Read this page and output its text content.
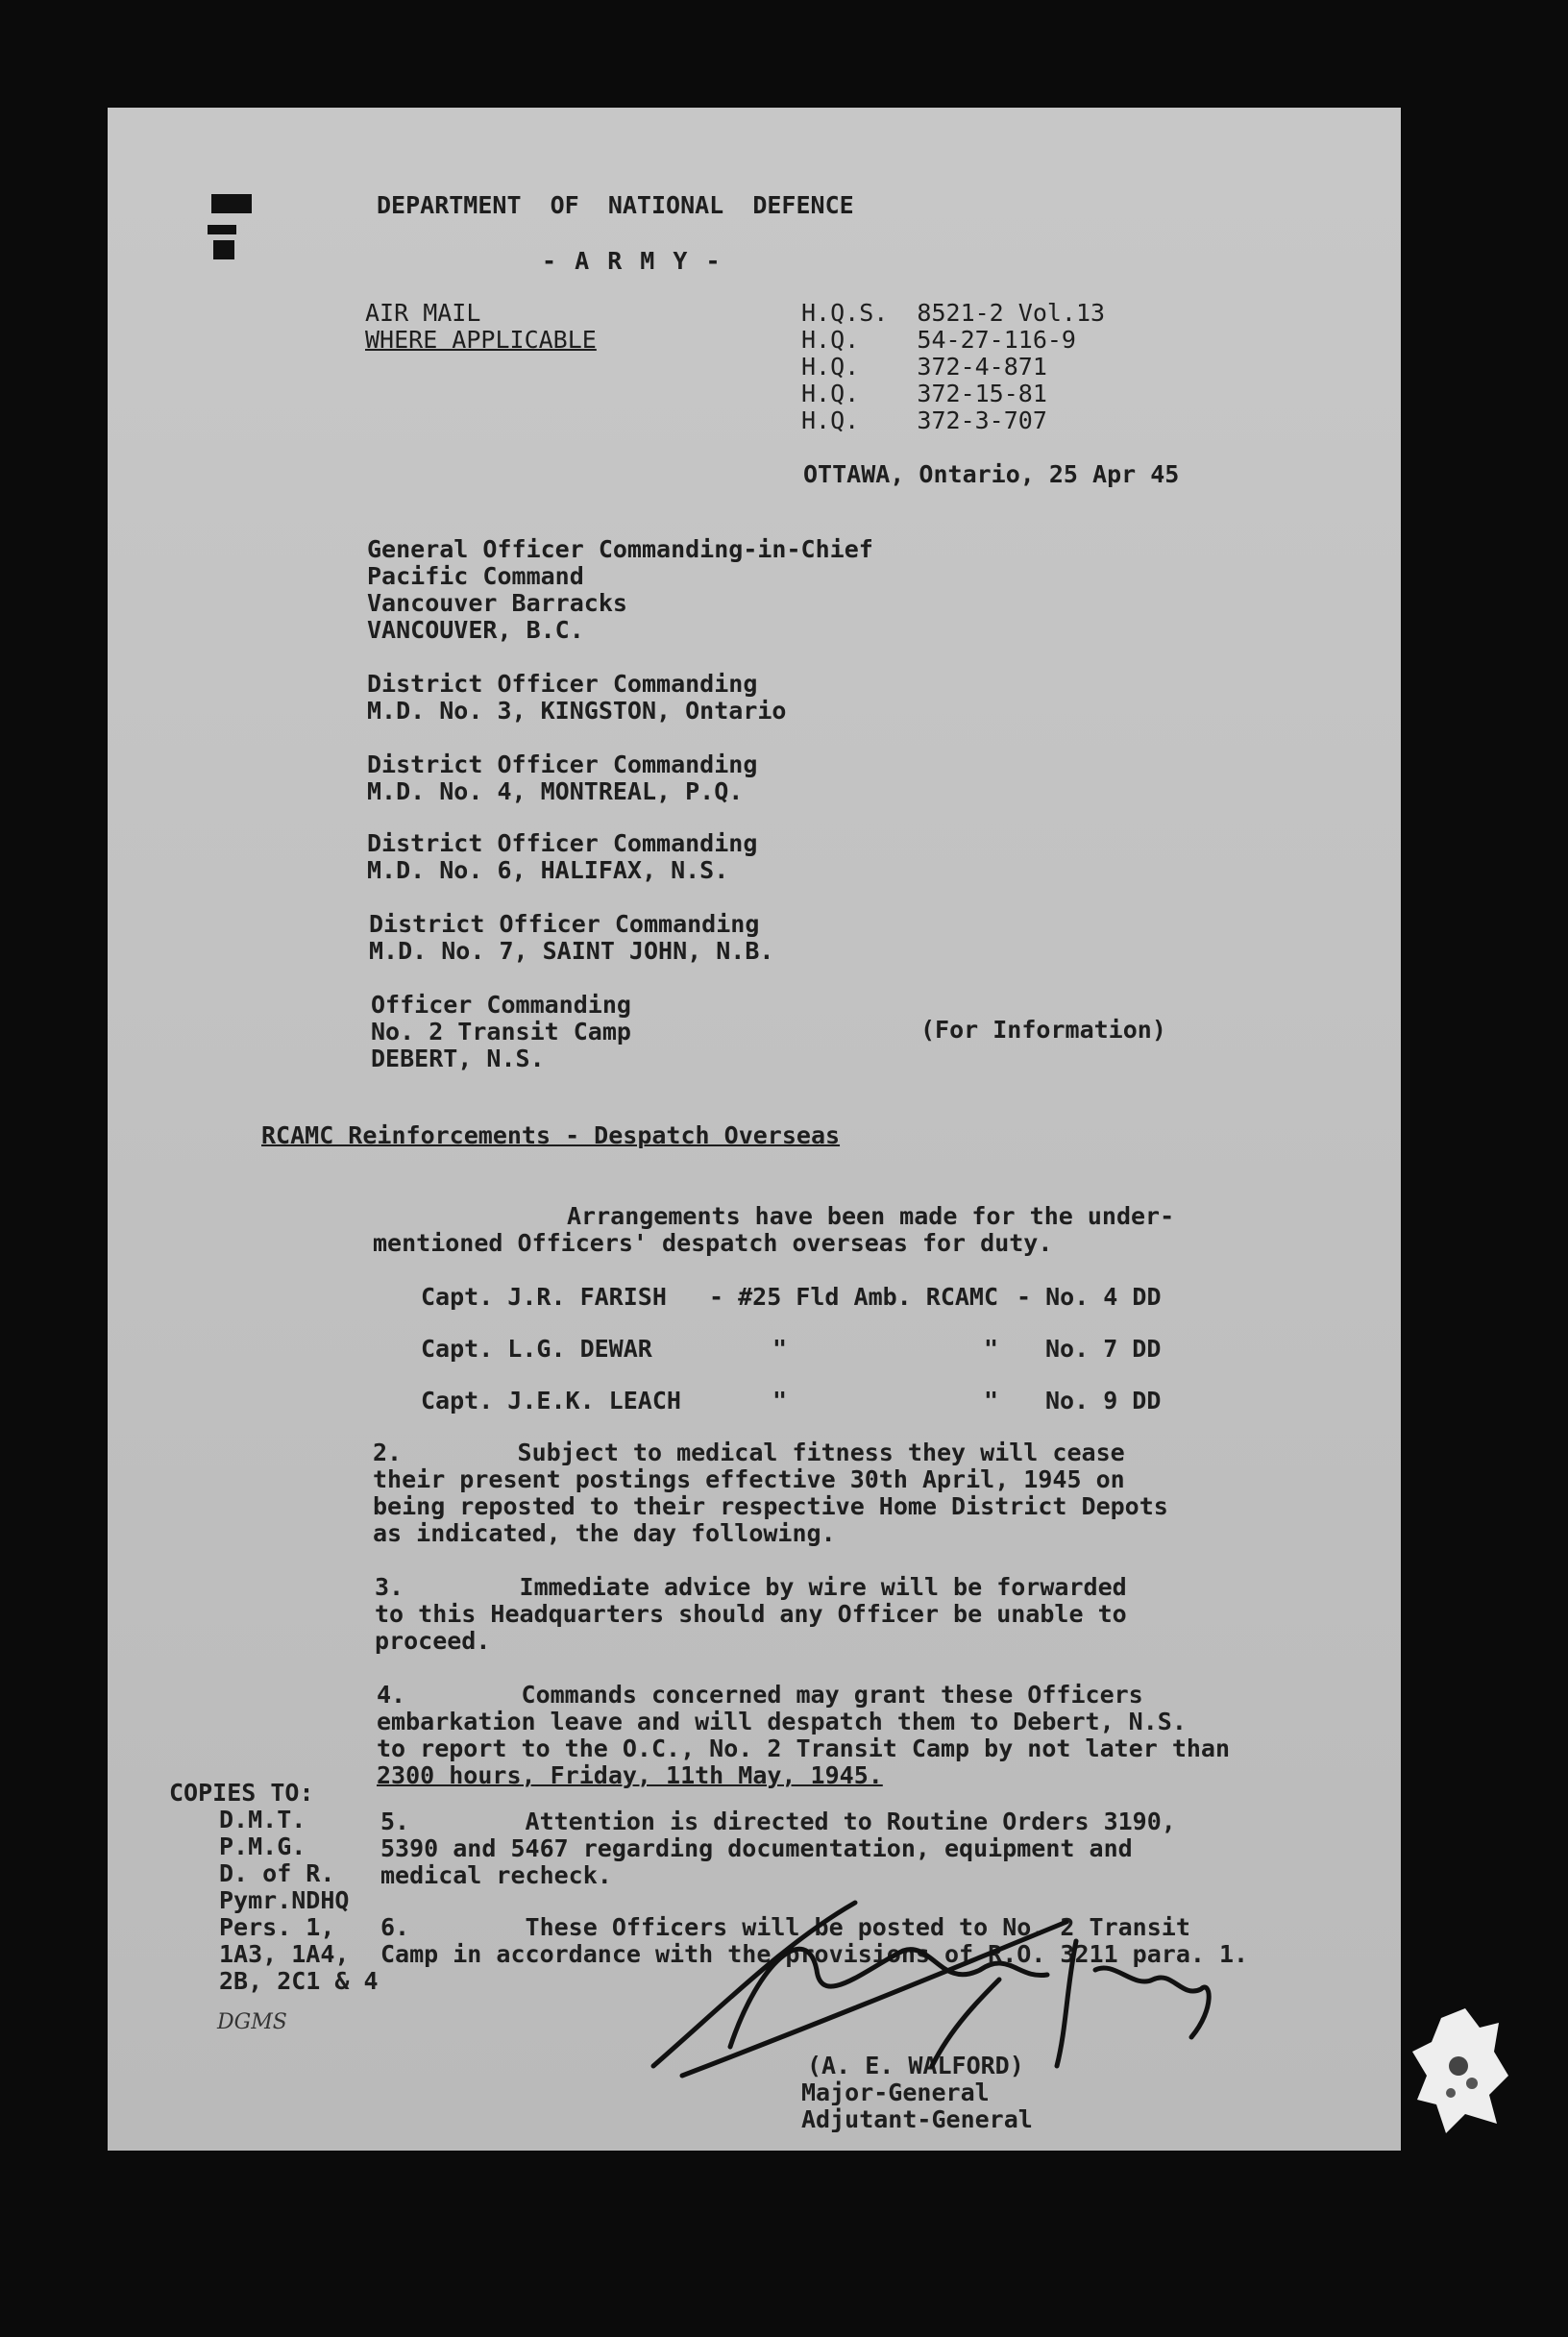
DEPARTMENT  OF  NATIONAL  DEFENCE
- A R M Y -
AIR MAIL
WHERE APPLICABLE
H.Q.S.  8521-2 Vol.13
H.Q.    54-27-116-9
H.Q.    372-4-871
H.Q.    372-15-81
H.Q.    372-3-707
OTTAWA, Ontario, 25 Apr 45
General Officer Commanding-in-Chief
Pacific Command
Vancouver Barracks
VANCOUVER, B.C.
District Officer Commanding
M.D. No. 3, KINGSTON, Ontario
District Officer Commanding
M.D. No. 4, MONTREAL, P.Q.
District Officer Commanding
M.D. No. 6, HALIFAX, N.S.
District Officer Commanding
M.D. No. 7, SAINT JOHN, N.B.
Officer Commanding
No. 2 Transit Camp
DEBERT, N.S.
(For Information)
RCAMC Reinforcements - Despatch Overseas
Arrangements have been made for the under-
mentioned Officers' despatch overseas for duty.
Capt. J.R. FARISH - #25 Fld Amb. RCAMC - No. 4 DD
Capt. L.G. DEWAR	"	" No. 7 DD
Capt. J.E.K. LEACH	"	" No. 9 DD
2.        Subject to medical fitness they will cease
their present postings effective 30th April, 1945 on
being reposted to their respective Home District Depots
as indicated, the day following.
3.        Immediate advice by wire will be forwarded
to this Headquarters should any Officer be unable to
proceed.
4.        Commands concerned may grant these Officers
embarkation leave and will despatch them to Debert, N.S.
to report to the O.C., No. 2 Transit Camp by not later than
2300 hours, Friday, 11th May, 1945.
COPIES TO:
D.M.T.
P.M.G.
D. of R.
Pymr.NDHQ
Pers. 1,
1A3, 1A4,
2B, 2C1 & 4
DGMS
5.        Attention is directed to Routine Orders 3190,
5390 and 5467 regarding documentation, equipment and
medical recheck.
6.        These Officers will be posted to No. 2 Transit
Camp in accordance with the provisions of R.O. 3211 para. 1.
(A. E. WALFORD)
Major-General
Adjutant-General
